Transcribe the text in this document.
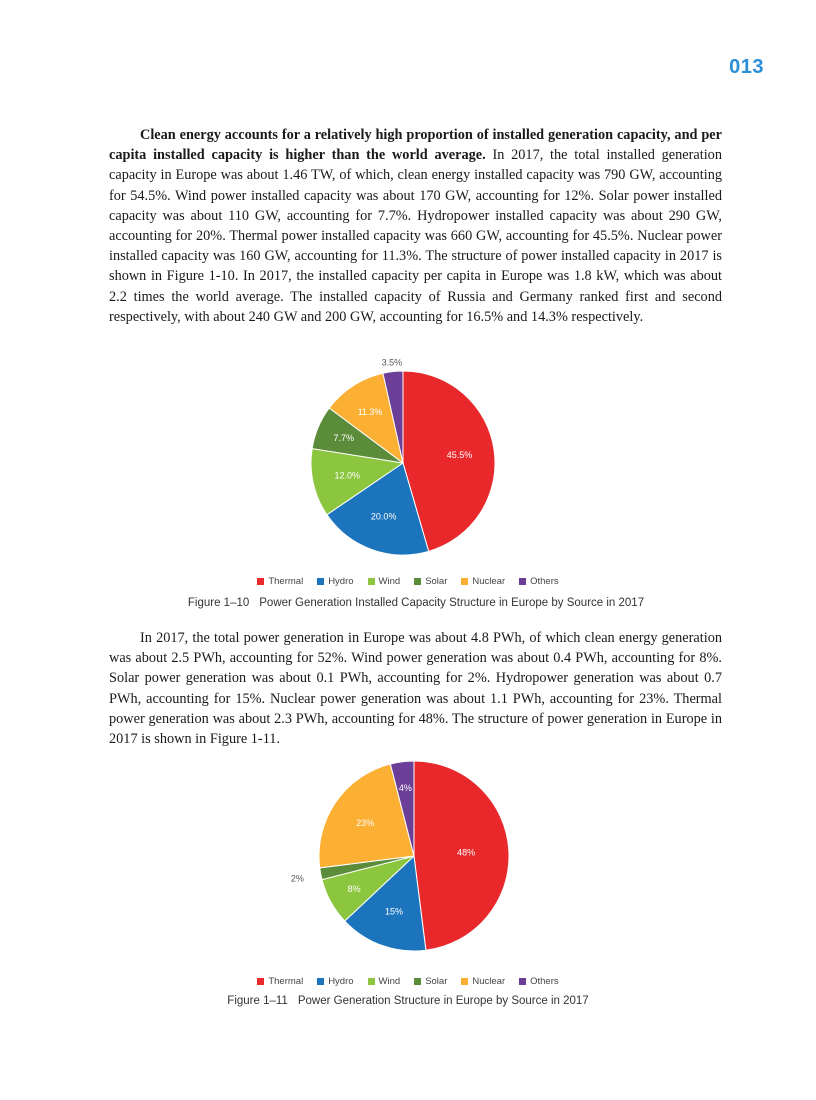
013

Clean energy accounts for a relatively high proportion of installed generation capacity, and per capita installed capacity is higher than the world average. In 2017, the total installed generation capacity in Europe was about 1.46 TW, of which, clean energy installed capacity was 790 GW, accounting for 54.5%. Wind power installed capacity was about 170 GW, accounting for 12%. Solar power installed capacity was about 110 GW, accounting for 7.7%. Hydropower installed capacity was about 290 GW, accounting for 20%. Thermal power installed capacity was 660 GW, accounting for 45.5%. Nuclear power installed capacity was 160 GW, accounting for 11.3%. The structure of power installed capacity in 2017 is shown in Figure 1-10. In 2017, the installed capacity per capita in Europe was 1.8 kW, which was about 2.2 times the world average. The installed capacity of Russia and Germany ranked first and second respectively, with about 240 GW and 200 GW, accounting for 16.5% and 14.3% respectively.

45.5%
20.0%
12.0%
7.7%
11.3%
3.5%
Thermal	Hydro	Wind	Solar	Nuclear	Others
Figure 1–10 Power Generation Installed Capacity Structure in Europe by Source in 2017

In 2017, the total power generation in Europe was about 4.8 PWh, of which clean energy generation was about 2.5 PWh, accounting for 52%. Wind power generation was about 0.4 PWh, accounting for 8%. Solar power generation was about 0.1 PWh, accounting for 2%. Hydropower generation was about 0.7 PWh, accounting for 15%. Nuclear power generation was about 1.1 PWh, accounting for 23%. Thermal power generation was about 2.3 PWh, accounting for 48%. The structure of power generation in Europe in 2017 is shown in Figure 1-11.

48%
15%
8%
2%
23%
4%
Thermal	Hydro	Wind	Solar	Nuclear	Others
Figure 1–11 Power Generation Structure in Europe by Source in 2017
